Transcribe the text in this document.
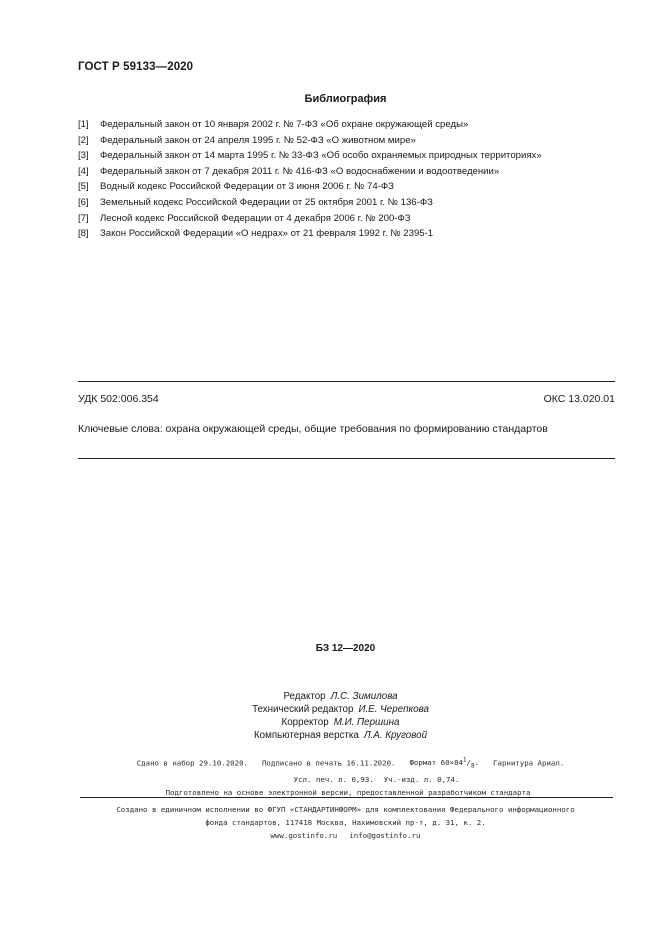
ГОСТ Р 59133—2020
Библиография
[1] Федеральный закон от 10 января 2002 г. № 7-ФЗ «Об охране окружающей среды»
[2] Федеральный закон от 24 апреля 1995 г. № 52-ФЗ «О животном мире»
[3] Федеральный закон от 14 марта 1995 г. № 33-ФЗ «Об особо охраняемых природных территориях»
[4] Федеральный закон от 7 декабря 2011 г. № 416-ФЗ «О водоснабжении и водоотведении»
[5] Водный кодекс Российской Федерации от 3 июня 2006 г. № 74-ФЗ
[6] Земельный кодекс Российской Федерации от 25 октября 2001 г. № 136-ФЗ
[7] Лесной кодекс Российской Федерации от 4 декабря 2006 г. № 200-ФЗ
[8] Закон Российской Федерации «О недрах» от 21 февраля 1992 г. № 2395-1
УДК 502:006.354	ОКС 13.020.01
Ключевые слова: охрана окружающей среды, общие требования по формированию стандартов
БЗ 12—2020
Редактор Л.С. Зимилова
Технический редактор И.Е. Черепкова
Корректор М.И. Першина
Компьютерная верстка Л.А. Круговой
Сдано в набор 29.10.2020. Подписано в печать 16.11.2020. Формат $60\times 84^1/_8$. Гарнитура Ариал.
Усл. печ. л. 0,93. Уч.-изд. л. 0,74.
Подготовлено на основе электронной версии, предоставленной разработчиком стандарта
Создано в единичном исполнении во ФГУП «СТАНДАРТИНФОРМ» для комплектования Федерального информационного
фонда стандартов, 117418 Москва, Нахимовский пр-т, д. 31, к. 2.
www.gostinfo.ru info@gostinfo.ru
